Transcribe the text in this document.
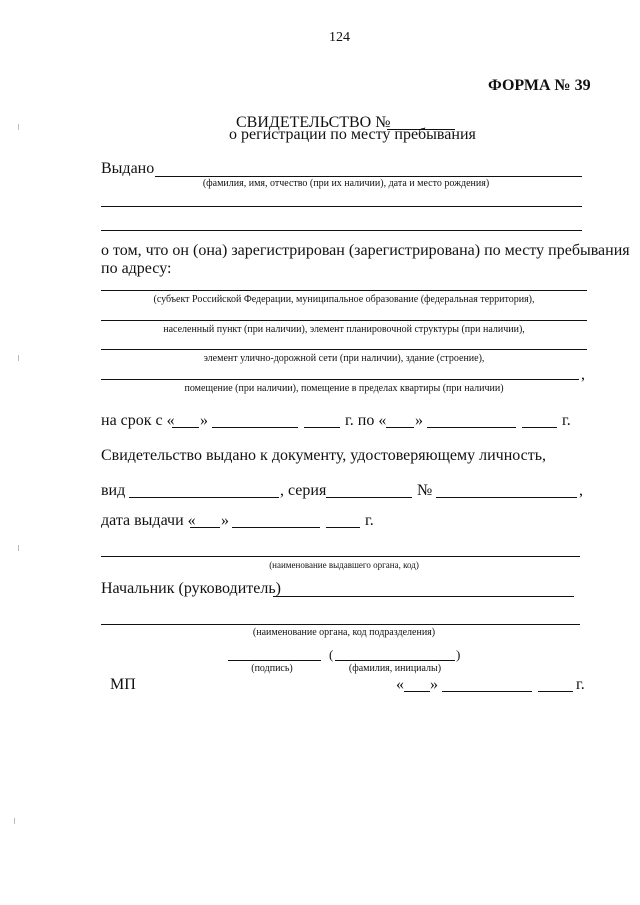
124
ФОРМА № 39
СВИДЕТЕЛЬСТВО №
о регистрации по месту пребывания
Выдано
(фамилия, имя, отчество (при их наличии), дата и место рождения)
о том, что он (она) зарегистрирован (зарегистрирована) по месту пребывания
по адресу:
(субъект Российской Федерации, муниципальное образование (федеральная территория),
населенный пункт (при наличии), элемент планировочной структуры (при наличии),
элемент улично-дорожной сети (при наличии), здание (строение),
,
помещение (при наличии), помещение в пределах квартиры (при наличии)
на срок с « »	г. по « »	г.
Свидетельство выдано к документу, удостоверяющему личность,
вид	, серия	№	,
дата выдачи « »	г.
(наименование выдавшего органа, код)
Начальник (руководитель)
(наименование органа, код подразделения)
(	)
(подпись)	(фамилия, инициалы)
МП	« »	г.
